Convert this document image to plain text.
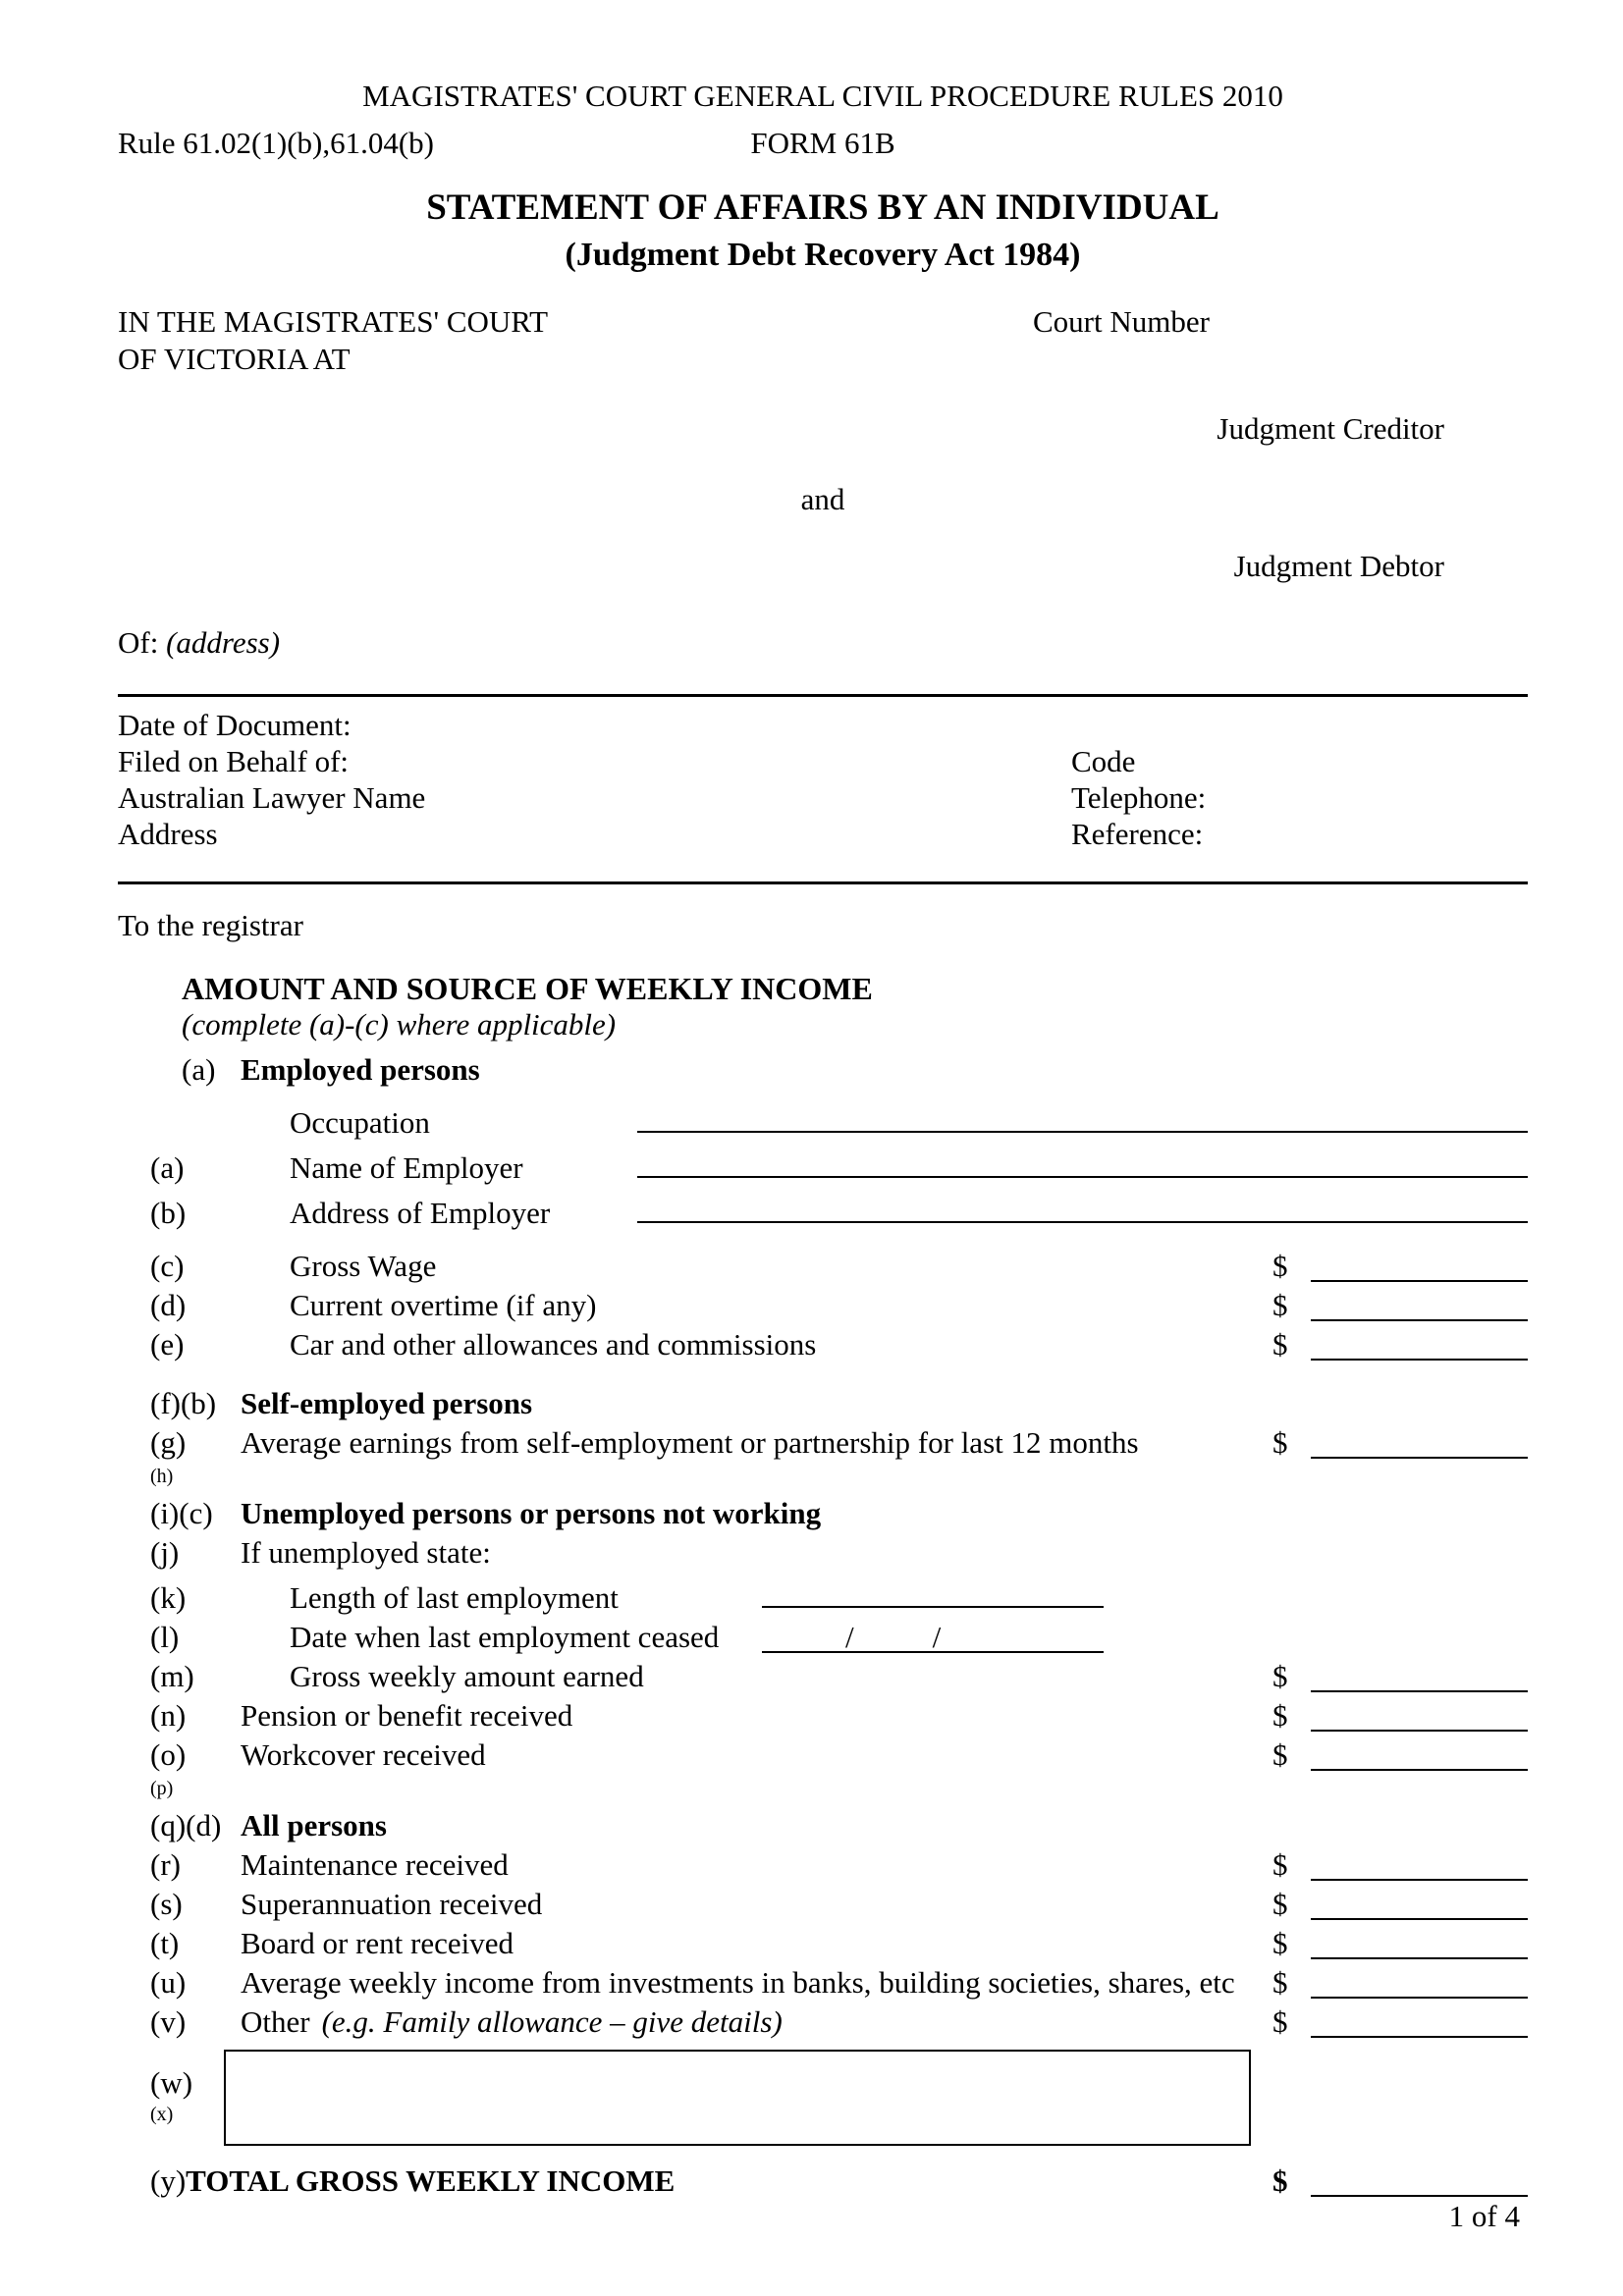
MAGISTRATES' COURT GENERAL CIVIL PROCEDURE RULES 2010
Rule 61.02(1)(b),61.04(b)	FORM 61B
STATEMENT OF AFFAIRS BY AN INDIVIDUAL
(Judgment Debt Recovery Act 1984)
IN THE MAGISTRATES' COURT
OF VICTORIA AT
Court Number
Judgment Creditor
and
Judgment Debtor
Of: (address)
Date of Document:
Filed on Behalf of:
Australian Lawyer Name
Address
Code
Telephone:
Reference:
To the registrar
AMOUNT AND SOURCE OF WEEKLY INCOME
(complete (a)-(c) where applicable)
(a) Employed persons
Occupation
(a)	Name of Employer
(b)	Address of Employer
(c)	Gross Wage	$
(d)	Current overtime (if any)	$
(e)	Car and other allowances and commissions	$
(f)(b) Self-employed persons
(g)	Average earnings from self-employment or partnership for last 12 months	$
(h)
(i)(c) Unemployed persons or persons not working
(j)	If unemployed state:
(k)	Length of last employment
(l)	Date when last employment ceased	/	/
(m)	Gross weekly amount earned	$
(n)	Pension or benefit received	$
(o)	Workcover received	$
(p)
(q)(d) All persons
(r)	Maintenance received	$
(s)	Superannuation received	$
(t)	Board or rent received	$
(u)	Average weekly income from investments in banks, building societies, shares, etc $
(v)	Other (e.g. Family allowance – give details)	$
(w)
(x)
(y) TOTAL GROSS WEEKLY INCOME	$
1 of 4
